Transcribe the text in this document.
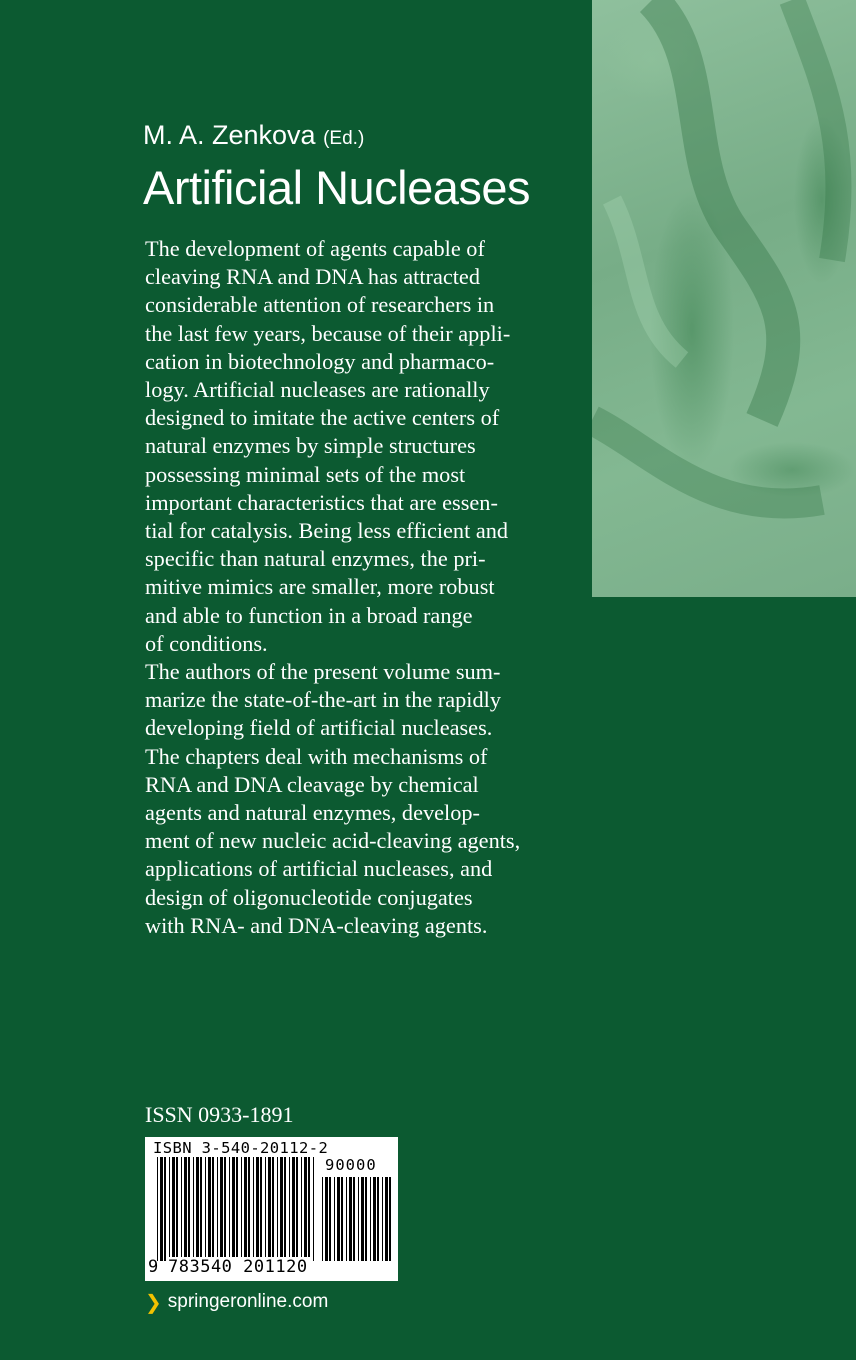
M. A. Zenkova (Ed.)
Artificial Nucleases

The development of agents capable of
cleaving RNA and DNA has attracted
considerable attention of researchers in
the last few years, because of their appli-
cation in biotechnology and pharmaco-
logy. Artificial nucleases are rationally
designed to imitate the active centers of
natural enzymes by simple structures
possessing minimal sets of the most
important characteristics that are essen-
tial for catalysis. Being less efficient and
specific than natural enzymes, the pri-
mitive mimics are smaller, more robust
and able to function in a broad range
of conditions.

The authors of the present volume sum-
marize the state-of-the-art in the rapidly
developing field of artificial nucleases.
The chapters deal with mechanisms of
RNA and DNA cleavage by chemical
agents and natural enzymes, develop-
ment of new nucleic acid-cleaving agents,
applications of artificial nucleases, and
design of oligonucleotide conjugates
with RNA- and DNA-cleaving agents.

ISSN 0933-1891
ISBN 3-540-20112-2
90000
9 783540 201120
❯ springeronline.com
